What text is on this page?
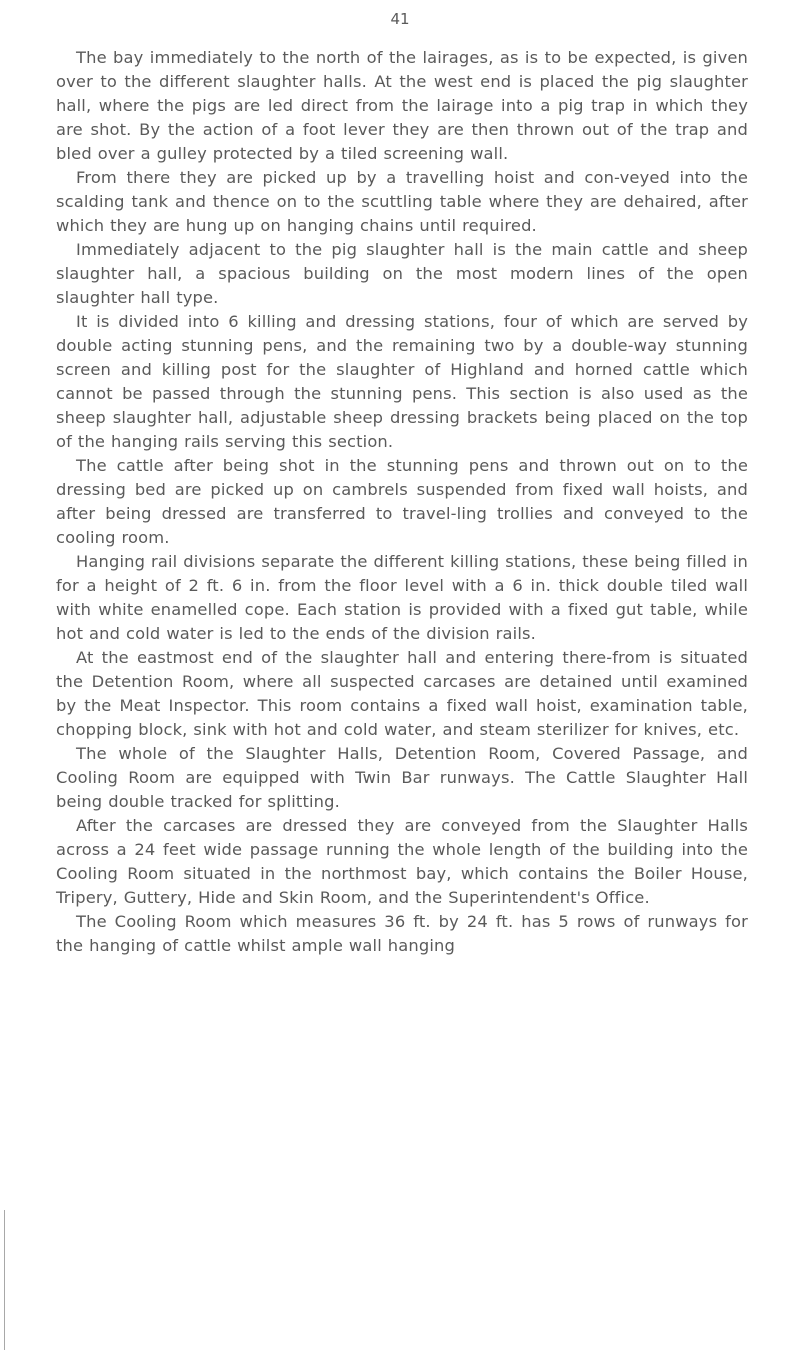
41

The bay immediately to the north of the lairages, as is to be expected, is given over to the different slaughter halls. At the west end is placed the pig slaughter hall, where the pigs are led direct from the lairage into a pig trap in which they are shot. By the action of a foot lever they are then thrown out of the trap and bled over a gulley protected by a tiled screening wall.

From there they are picked up by a travelling hoist and con-veyed into the scalding tank and thence on to the scuttling table where they are dehaired, after which they are hung up on hanging chains until required.

Immediately adjacent to the pig slaughter hall is the main cattle and sheep slaughter hall, a spacious building on the most modern lines of the open slaughter hall type.

It is divided into 6 killing and dressing stations, four of which are served by double acting stunning pens, and the remaining two by a double-way stunning screen and killing post for the slaughter of Highland and horned cattle which cannot be passed through the stunning pens. This section is also used as the sheep slaughter hall, adjustable sheep dressing brackets being placed on the top of the hanging rails serving this section.

The cattle after being shot in the stunning pens and thrown out on to the dressing bed are picked up on cambrels suspended from fixed wall hoists, and after being dressed are transferred to travel-ling trollies and conveyed to the cooling room.

Hanging rail divisions separate the different killing stations, these being filled in for a height of 2 ft. 6 in. from the floor level with a 6 in. thick double tiled wall with white enamelled cope. Each station is provided with a fixed gut table, while hot and cold water is led to the ends of the division rails.

At the eastmost end of the slaughter hall and entering there-from is situated the Detention Room, where all suspected carcases are detained until examined by the Meat Inspector. This room contains a fixed wall hoist, examination table, chopping block, sink with hot and cold water, and steam sterilizer for knives, etc.

The whole of the Slaughter Halls, Detention Room, Covered Passage, and Cooling Room are equipped with Twin Bar runways. The Cattle Slaughter Hall being double tracked for splitting.

After the carcases are dressed they are conveyed from the Slaughter Halls across a 24 feet wide passage running the whole length of the building into the Cooling Room situated in the northmost bay, which contains the Boiler House, Tripery, Guttery, Hide and Skin Room, and the Superintendent's Office.

The Cooling Room which measures 36 ft. by 24 ft. has 5 rows of runways for the hanging of cattle whilst ample wall hanging
